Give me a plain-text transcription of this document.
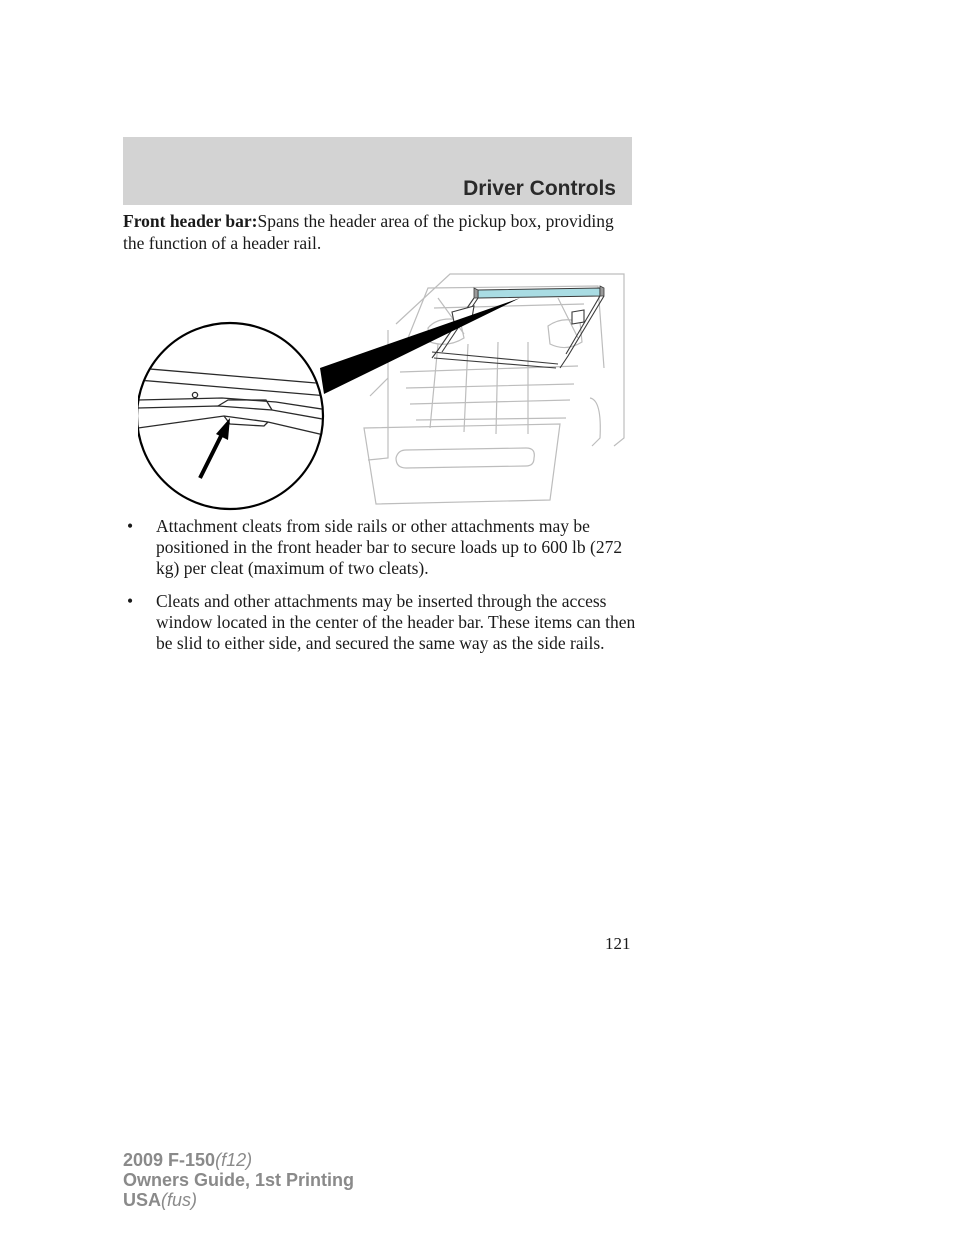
Driver Controls

Front header bar:Spans the header area of the pickup box, providing the function of a header rail.

• Attachment cleats from side rails or other attachments may be positioned in the front header bar to secure loads up to 600 lb (272 kg) per cleat (maximum of two cleats).
• Cleats and other attachments may be inserted through the access window located in the center of the header bar. These items can then be slid to either side, and secured the same way as the side rails.
121
2009 F-150(f12)
Owners Guide, 1st Printing
USA(fus)
